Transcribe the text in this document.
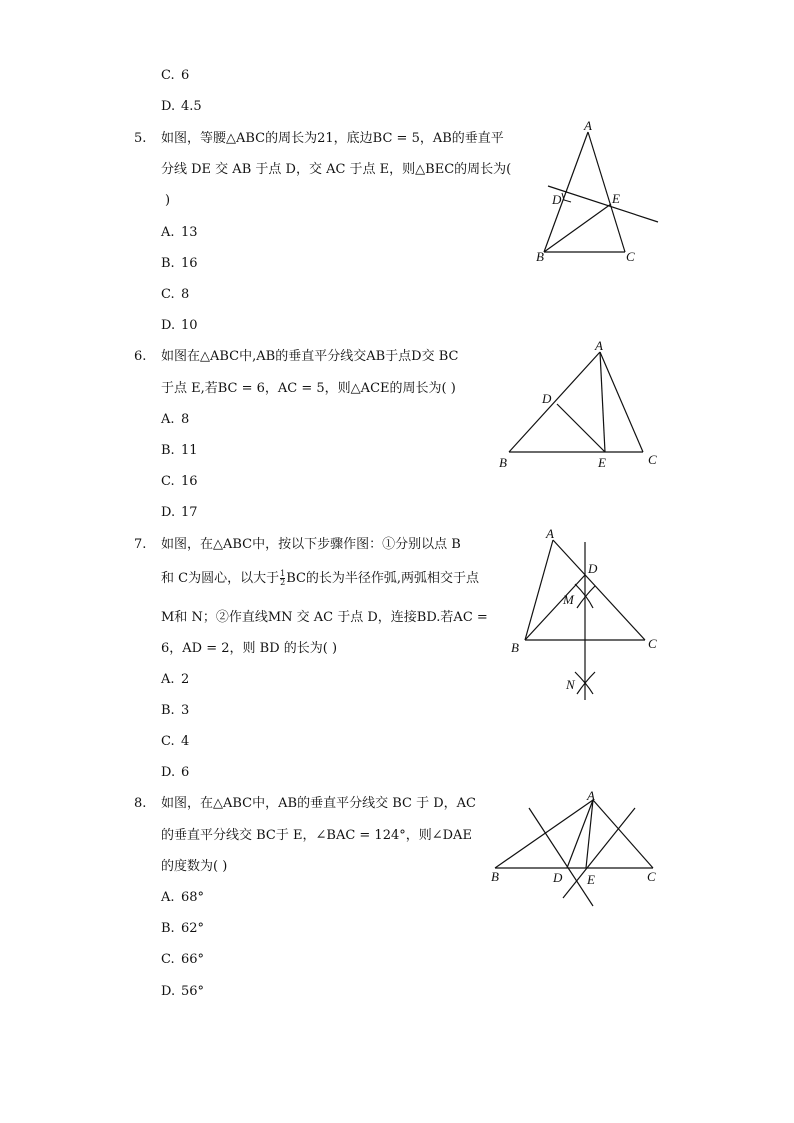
C. 6
D. 4.5
5. 如图，等腰△ABC的周长为21，底边BC = 5，AB的垂直平
分线 DE 交 AB 于点 D，交 AC 于点 E，则△BEC的周长为(
)
A. 13
B. 16
C. 8
D. 10
A
D	E
B	C
6. 如图在△ABC中,AB的垂直平分线交AB于点D交 BC
于点 E,若BC = 6，AC = 5，则△ACE的周长为( )
A. 8
B. 11
C. 16
D. 17
A
D
B	E	C
7. 如图，在△ABC中，按以下步骤作图：①分别以点 B
和 C为圆心，以大于 $\frac{1}{2}$ BC的长为半径作弧,两弧相交于点
M和 N；②作直线MN 交 AC 于点 D，连接BD.若AC =
6，AD = 2，则 BD 的长为( )
A. 2
B. 3
C. 4
D. 6
A
D
M
B	C
N
8. 如图，在△ABC中，AB的垂直平分线交 BC 于 D，AC
的垂直平分线交 BC于 E，∠BAC = 124°，则∠DAE
的度数为( )
A. 68°
B. 62°
C. 66°
D. 56°
A
B	D E	C
